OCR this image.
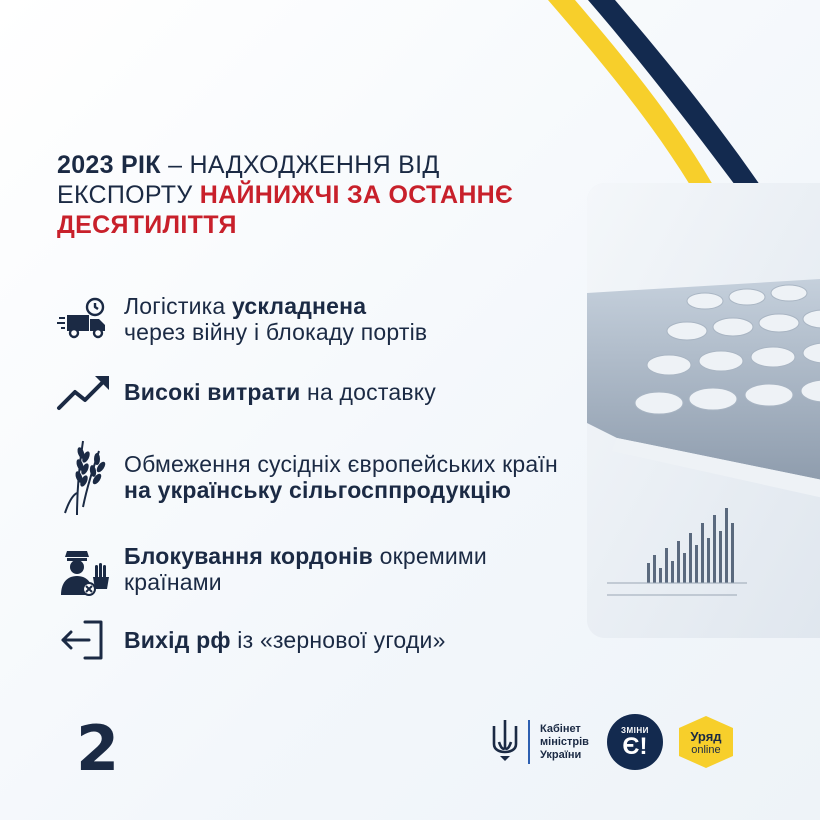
2023 РІК – НАДХОДЖЕННЯ ВІД ЕКСПОРТУ НАЙНИЖЧІ ЗА ОСТАННЄ ДЕСЯТИЛІТТЯ
Логістика ускладнена
через війну і блокаду портів
Високі витрати на доставку
Обмеження сусідніх європейських країн на українську сільгосппродукцію
Блокування кордонів окремими країнами
Вихід рф із «зернової угоди»
2	Кабінет
міністрів
України
ЗМІНИ
Є!	Уряд
online
